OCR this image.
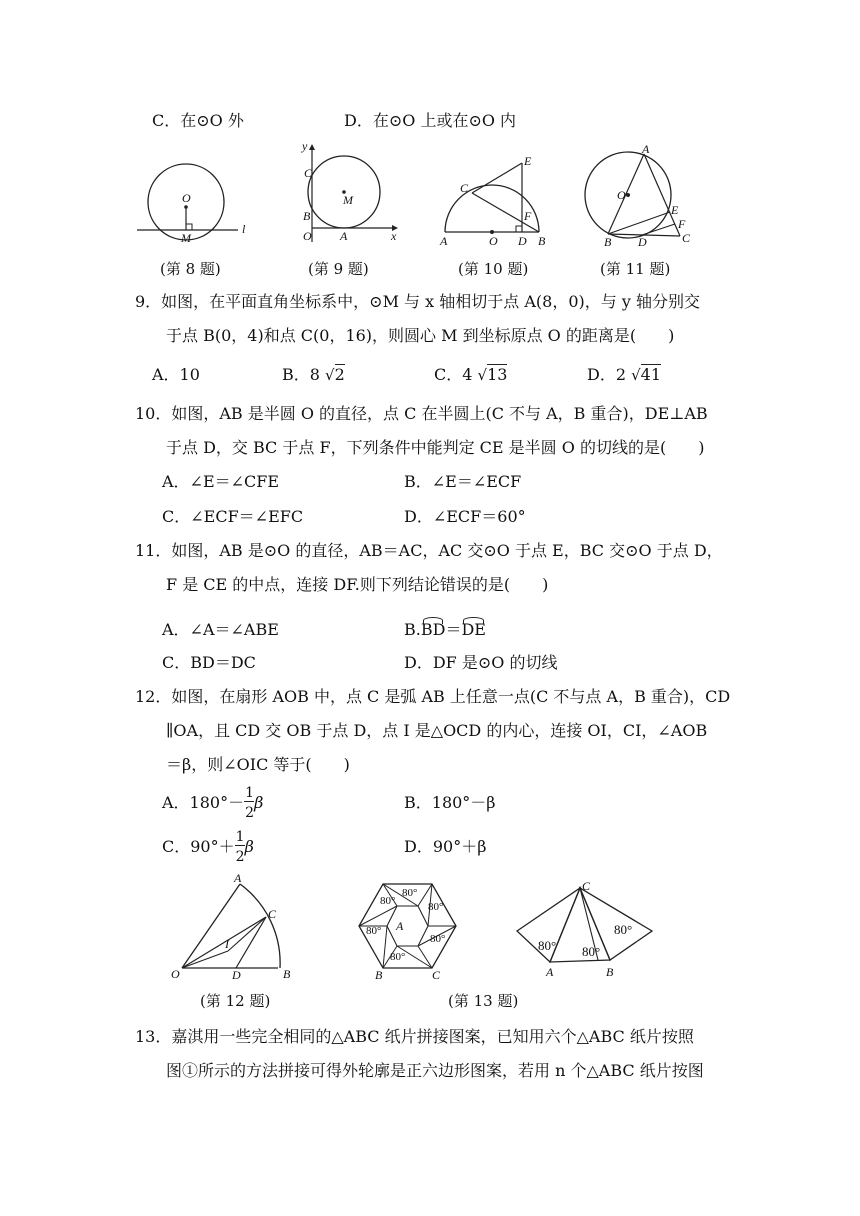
C．在⊙O 外	D．在⊙O 上或在⊙O 内
O
M
l
(第 8 题)
y
x
C
M
B
O A
(第 9 题)
A	O D B
C
E
F
(第 10 题)
A
O
B D	C
E
F
(第 11 题)
9．如图，在平面直角坐标系中，⊙M 与 x 轴相切于点 A(8，0)，与 y 轴分别交
于点 B(0，4)和点 C(0，16)，则圆心 M 到坐标原点 O 的距离是(　　)
A．10	B．8 √2	C．4 √13	D．2 √41
10．如图，AB 是半圆 O 的直径，点 C 在半圆上(C 不与 A，B 重合)，DE⊥AB
于点 D，交 BC 于点 F，下列条件中能判定 CE 是半圆 O 的切线的是(　　)
A．∠E＝∠CFE	B．∠E＝∠ECF
C．∠ECF＝∠EFC	D．∠ECF＝60°
11．如图，AB 是⊙O 的直径，AB＝AC，AC 交⊙O 于点 E，BC 交⊙O 于点 D，
F 是 CE 的中点，连接 DF.则下列结论错误的是(　　)
A．∠A＝∠ABE	B.
BD＝
DE
C．BD＝DC	D．DF 是⊙O 的切线
12．如图，在扇形 AOB 中，点 C 是弧 AB 上任意一点(C 不与点 A，B 重合)，CD
∥OA，且 CD 交 OB 于点 D，点 I 是△OCD 的内心，连接 OI，CI，∠AOB
＝β，则∠OIC 等于(　　)
A．$180^\circ- \frac{1}{2}$ β	B．180°－β
C．$90^\circ+ \frac{1}{2}$ β	D．90°＋β
A
C
I
O	D	B
(第 12 题)
80°
80°
80°
80°
80°
80°
A
B	C
(第 13 题)
C
A	B
80° 80°
80°
13．嘉淇用一些完全相同的△ABC 纸片拼接图案，已知用六个△ABC 纸片按照
图①所示的方法拼接可得外轮廓是正六边形图案，若用 n 个△ABC 纸片按图
